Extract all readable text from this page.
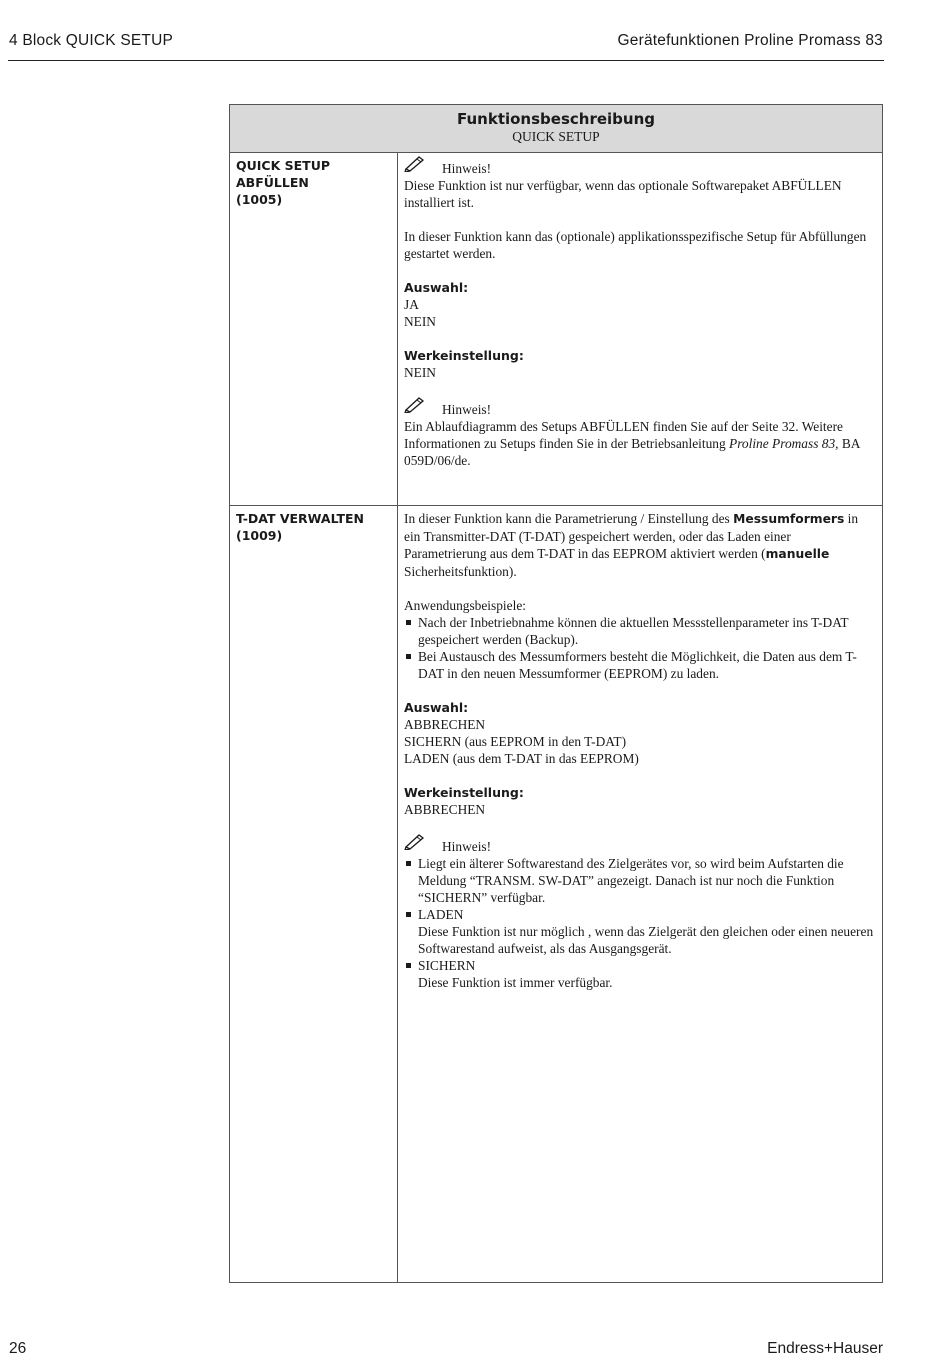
4 Block QUICK SETUP	Gerätefunktionen Proline Promass 83
Funktionsbeschreibung
QUICK SETUP
QUICK SETUP
ABFÜLLEN
(1005)
Hinweis!
Diese Funktion ist nur verfügbar, wenn das optionale Softwarepaket ABFÜLLEN installiert ist.
In dieser Funktion kann das (optionale) applikationsspezifische Setup für Abfüllungen gestartet werden.
Auswahl:
JA
NEIN
Werkeinstellung:
NEIN
Hinweis!
Ein Ablaufdiagramm des Setups ABFÜLLEN finden Sie auf der Seite 32. Weitere Informationen zu Setups finden Sie in der Betriebsanleitung Proline Promass 83, BA 059D/06/de.
T-DAT VERWALTEN
(1009)
In dieser Funktion kann die Parametrierung / Einstellung des Messumformers in ein Transmitter-DAT (T-DAT) gespeichert werden, oder das Laden einer Parametrierung aus dem T-DAT in das EEPROM aktiviert werden (manuelle Sicherheitsfunktion).
Anwendungsbeispiele:
Nach der Inbetriebnahme können die aktuellen Messstellenparameter ins T-DAT gespeichert werden (Backup).
Bei Austausch des Messumformers besteht die Möglichkeit, die Daten aus dem T-DAT in den neuen Messumformer (EEPROM) zu laden.
Auswahl:
ABBRECHEN
SICHERN (aus EEPROM in den T-DAT)
LADEN (aus dem T-DAT in das EEPROM)
Werkeinstellung:
ABBRECHEN
Hinweis!
Liegt ein älterer Softwarestand des Zielgerätes vor, so wird beim Aufstarten die Meldung “TRANSM. SW-DAT” angezeigt. Danach ist nur noch die Funktion “SICHERN” verfügbar.
LADEN
Diese Funktion ist nur möglich , wenn das Zielgerät den gleichen oder einen neueren Softwarestand aufweist, als das Ausgangsgerät.
SICHERN
Diese Funktion ist immer verfügbar.
26	Endress+Hauser
